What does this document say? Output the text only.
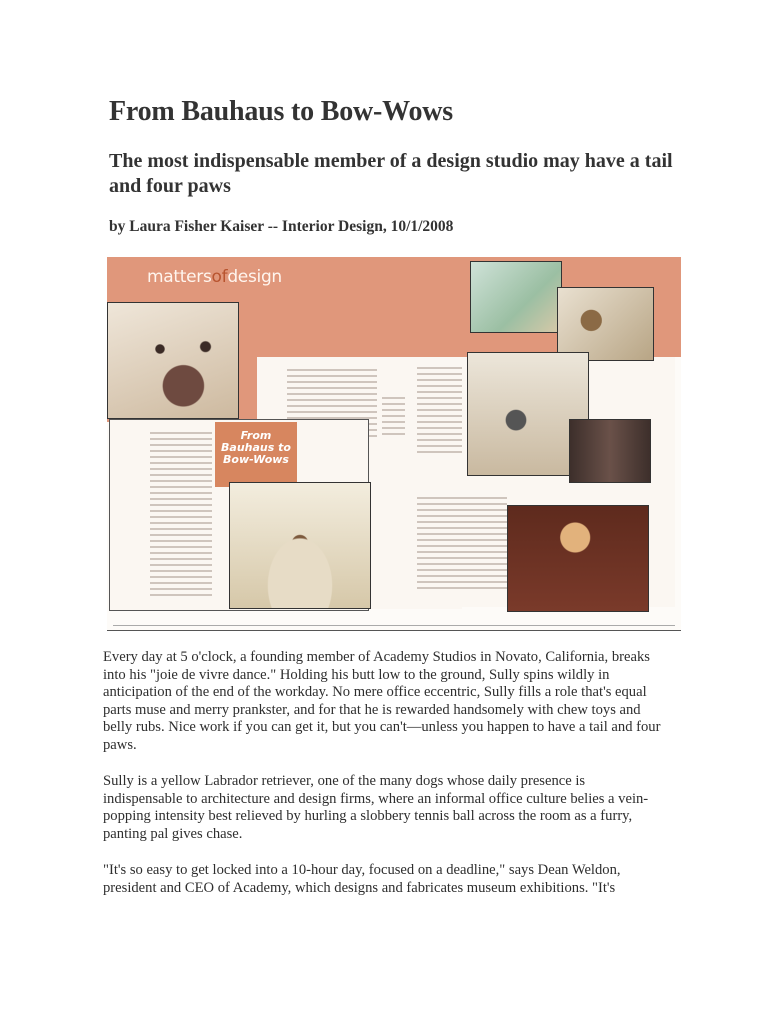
From Bauhaus to Bow-Wows
The most indispensable member of a design studio may have a tail and four paws

by Laura Fisher Kaiser -- Interior Design, 10/1/2008

mattersofdesign
From Bauhaus to Bow-Wows

Every day at 5 o'clock, a founding member of Academy Studios in Novato, California, breaks into his "joie de vivre dance." Holding his butt low to the ground, Sully spins wildly in anticipation of the end of the workday. No mere office eccentric, Sully fills a role that's equal parts muse and merry prankster, and for that he is rewarded handsomely with chew toys and belly rubs. Nice work if you can get it, but you can't—unless you happen to have a tail and four paws.

Sully is a yellow Labrador retriever, one of the many dogs whose daily presence is indispensable to architecture and design firms, where an informal office culture belies a vein-popping intensity best relieved by hurling a slobbery tennis ball across the room as a furry, panting pal gives chase.

"It's so easy to get locked into a 10-hour day, focused on a deadline," says Dean Weldon, president and CEO of Academy, which designs and fabricates museum exhibitions. "It's
